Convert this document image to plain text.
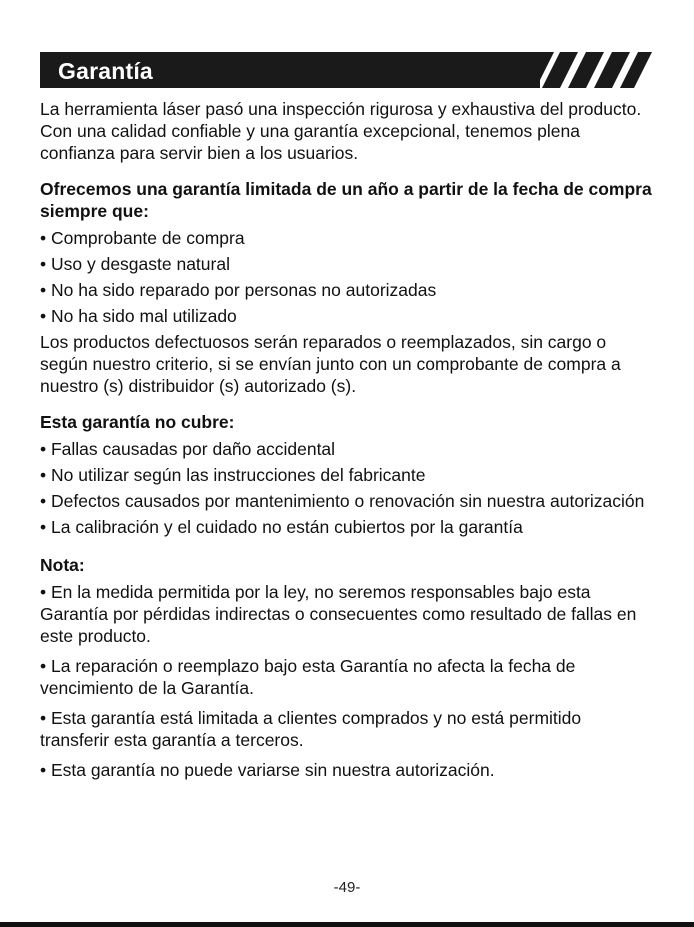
Garantía

La herramienta láser pasó una inspección rigurosa y exhaustiva del producto. Con una calidad confiable y una garantía excepcional, tenemos plena confianza para servir bien a los usuarios.

Ofrecemos una garantía limitada de un año a partir de la fecha de compra siempre que:

• Comprobante de compra

• Uso y desgaste natural

• No ha sido reparado por personas no autorizadas

• No ha sido mal utilizado

Los productos defectuosos serán reparados o reemplazados, sin cargo o según nuestro criterio, si se envían junto con un comprobante de compra a nuestro (s) distribuidor (s) autorizado (s).

Esta garantía no cubre:

• Fallas causadas por daño accidental

• No utilizar según las instrucciones del fabricante

• Defectos causados por mantenimiento o renovación sin nuestra autorización

• La calibración y el cuidado no están cubiertos por la garantía

Nota:

• En la medida permitida por la ley, no seremos responsables bajo esta Garantía por pérdidas indirectas o consecuentes como resultado de fallas en este producto.

• La reparación o reemplazo bajo esta Garantía no afecta la fecha de vencimiento de la Garantía.

• Esta garantía está limitada a clientes comprados y no está permitido transferir esta garantía a terceros.

• Esta garantía no puede variarse sin nuestra autorización.

-49-
